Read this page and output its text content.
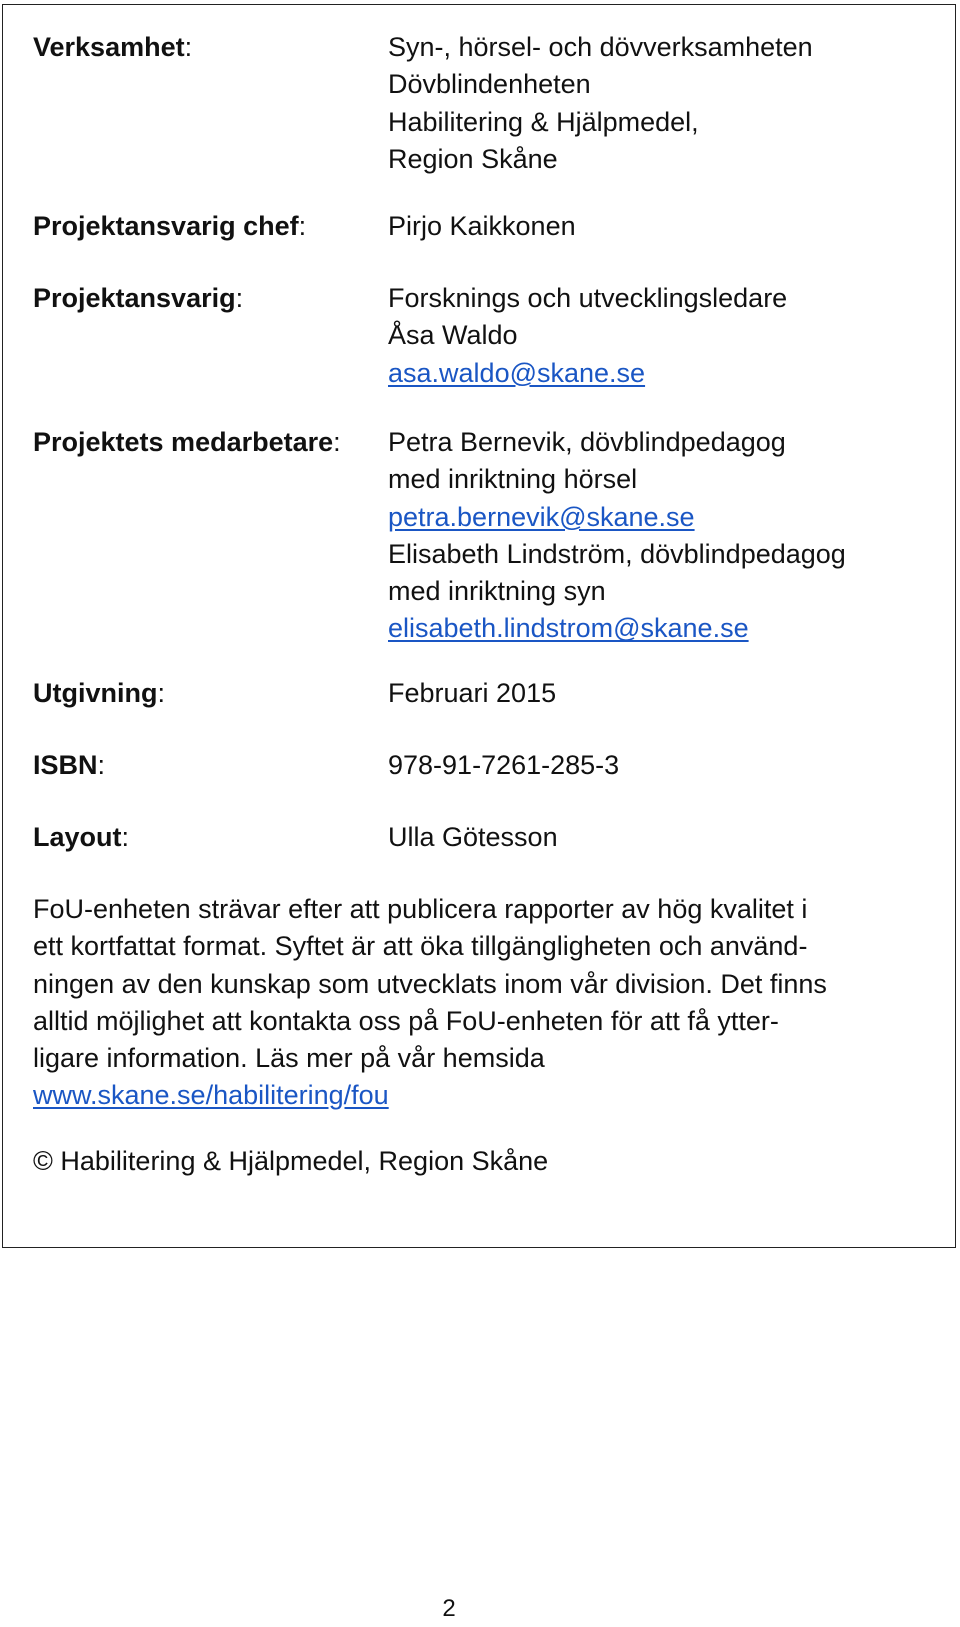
Verksamhet:	Syn-, hörsel- och dövverksamheten
Dövblindenheten
Habilitering & Hjälpmedel,
Region Skåne
Projektansvarig chef:	Pirjo Kaikkonen
Projektansvarig:	Forsknings och utvecklingsledare
Åsa Waldo
asa.waldo@skane.se
Projektets medarbetare: Petra Bernevik, dövblindpedagog
med inriktning hörsel
petra.bernevik@skane.se
Elisabeth Lindström, dövblindpedagog
med inriktning syn
elisabeth.lindstrom@skane.se
Utgivning:	Februari 2015
ISBN:	978-91-7261-285-3
Layout:	Ulla Götesson
FoU-enheten strävar efter att publicera rapporter av hög kvalitet i
ett kortfattat format. Syftet är att öka tillgängligheten och använd-
ningen av den kunskap som utvecklats inom vår division. Det finns
alltid möjlighet att kontakta oss på FoU-enheten för att få ytter-
ligare information. Läs mer på vår hemsida
www.skane.se/habilitering/fou
© Habilitering & Hjälpmedel, Region Skåne
2
